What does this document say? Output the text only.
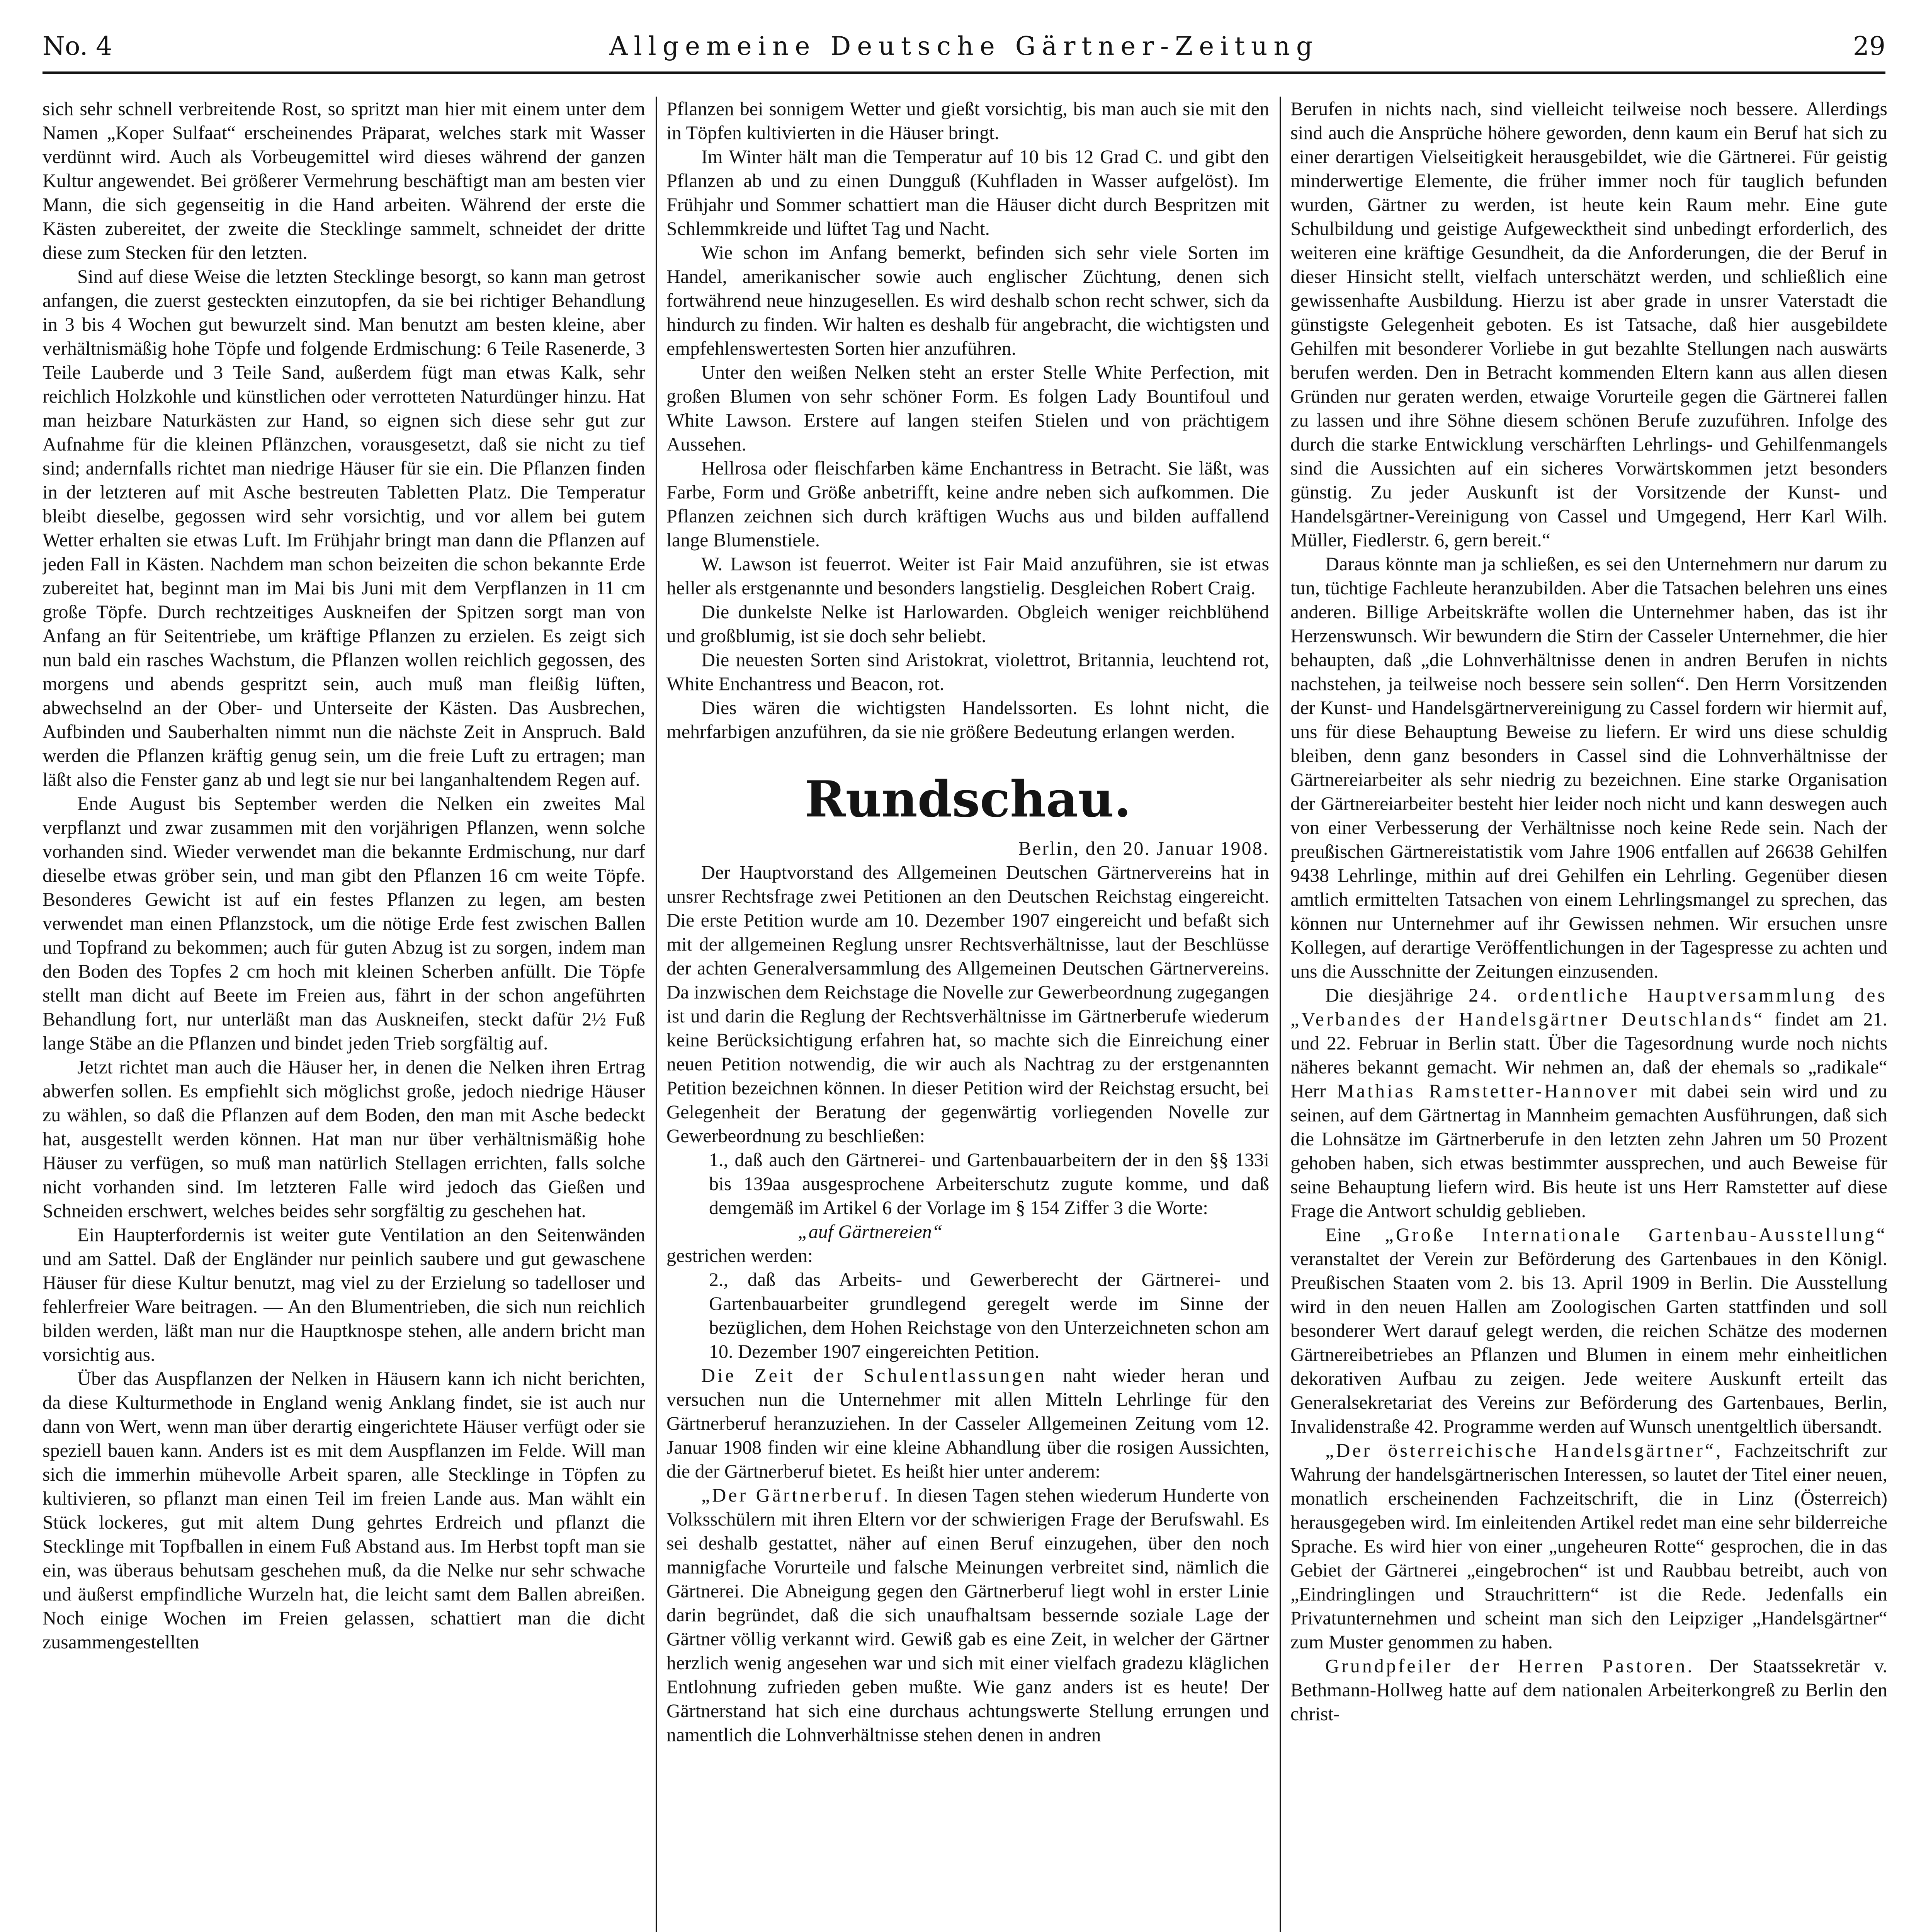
No. 4	Allgemeine Deutsche Gärtner-Zeitung	29

sich sehr schnell verbreitende Rost, so spritzt man hier mit einem unter dem Namen „Koper Sulfaat“ erscheinendes Präparat, welches stark mit Wasser verdünnt wird. Auch als Vorbeugemittel wird dieses während der ganzen Kultur angewendet. Bei größerer Vermehrung beschäftigt man am besten vier Mann, die sich gegenseitig in die Hand arbeiten. Während der erste die Kästen zubereitet, der zweite die Stecklinge sammelt, schneidet der dritte diese zum Stecken für den letzten.

Sind auf diese Weise die letzten Stecklinge besorgt, so kann man getrost anfangen, die zuerst gesteckten einzutopfen, da sie bei richtiger Behandlung in 3 bis 4 Wochen gut bewurzelt sind. Man benutzt am besten kleine, aber verhältnismäßig hohe Töpfe und folgende Erdmischung: 6 Teile Rasenerde, 3 Teile Lauberde und 3 Teile Sand, außerdem fügt man etwas Kalk, sehr reichlich Holzkohle und künstlichen oder verrotteten Naturdünger hinzu. Hat man heizbare Naturkästen zur Hand, so eignen sich diese sehr gut zur Aufnahme für die kleinen Pflänzchen, vorausgesetzt, daß sie nicht zu tief sind; andernfalls richtet man niedrige Häuser für sie ein. Die Pflanzen finden in der letzteren auf mit Asche bestreuten Tabletten Platz. Die Temperatur bleibt dieselbe, gegossen wird sehr vorsichtig, und vor allem bei gutem Wetter erhalten sie etwas Luft. Im Frühjahr bringt man dann die Pflanzen auf jeden Fall in Kästen. Nachdem man schon beizeiten die schon bekannte Erde zubereitet hat, beginnt man im Mai bis Juni mit dem Verpflanzen in 11 cm große Töpfe. Durch rechtzeitiges Auskneifen der Spitzen sorgt man von Anfang an für Seitentriebe, um kräftige Pflanzen zu erzielen. Es zeigt sich nun bald ein rasches Wachstum, die Pflanzen wollen reichlich gegossen, des morgens und abends gespritzt sein, auch muß man fleißig lüften, abwechselnd an der Ober- und Unterseite der Kästen. Das Ausbrechen, Aufbinden und Sauberhalten nimmt nun die nächste Zeit in Anspruch. Bald werden die Pflanzen kräftig genug sein, um die freie Luft zu ertragen; man läßt also die Fenster ganz ab und legt sie nur bei langanhaltendem Regen auf.

Ende August bis September werden die Nelken ein zweites Mal verpflanzt und zwar zusammen mit den vorjährigen Pflanzen, wenn solche vorhanden sind. Wieder verwendet man die bekannte Erdmischung, nur darf dieselbe etwas gröber sein, und man gibt den Pflanzen 16 cm weite Töpfe. Besonderes Gewicht ist auf ein festes Pflanzen zu legen, am besten verwendet man einen Pflanzstock, um die nötige Erde fest zwischen Ballen und Topfrand zu bekommen; auch für guten Abzug ist zu sorgen, indem man den Boden des Topfes 2 cm hoch mit kleinen Scherben anfüllt. Die Töpfe stellt man dicht auf Beete im Freien aus, fährt in der schon angeführten Behandlung fort, nur unterläßt man das Auskneifen, steckt dafür 2½ Fuß lange Stäbe an die Pflanzen und bindet jeden Trieb sorgfältig auf.

Jetzt richtet man auch die Häuser her, in denen die Nelken ihren Ertrag abwerfen sollen. Es empfiehlt sich möglichst große, jedoch niedrige Häuser zu wählen, so daß die Pflanzen auf dem Boden, den man mit Asche bedeckt hat, ausgestellt werden können. Hat man nur über verhältnismäßig hohe Häuser zu verfügen, so muß man natürlich Stellagen errichten, falls solche nicht vorhanden sind. Im letzteren Falle wird jedoch das Gießen und Schneiden erschwert, welches beides sehr sorgfältig zu geschehen hat.

Ein Haupterfordernis ist weiter gute Ventilation an den Seitenwänden und am Sattel. Daß der Engländer nur peinlich saubere und gut gewaschene Häuser für diese Kultur benutzt, mag viel zu der Erzielung so tadelloser und fehlerfreier Ware beitragen. — An den Blumentrieben, die sich nun reichlich bilden werden, läßt man nur die Hauptknospe stehen, alle andern bricht man vorsichtig aus.

Über das Auspflanzen der Nelken in Häusern kann ich nicht berichten, da diese Kulturmethode in England wenig Anklang findet, sie ist auch nur dann von Wert, wenn man über derartig eingerichtete Häuser verfügt oder sie speziell bauen kann. Anders ist es mit dem Auspflanzen im Felde. Will man sich die immerhin mühevolle Arbeit sparen, alle Stecklinge in Töpfen zu kultivieren, so pflanzt man einen Teil im freien Lande aus. Man wählt ein Stück lockeres, gut mit altem Dung gehrtes Erdreich und pflanzt die Stecklinge mit Topfballen in einem Fuß Abstand aus. Im Herbst topft man sie ein, was überaus behutsam geschehen muß, da die Nelke nur sehr schwache und äußerst empfindliche Wurzeln hat, die leicht samt dem Ballen abreißen. Noch einige Wochen im Freien gelassen, schattiert man die dicht zusammengestellten

Pflanzen bei sonnigem Wetter und gießt vorsichtig, bis man auch sie mit den in Töpfen kultivierten in die Häuser bringt.

Im Winter hält man die Temperatur auf 10 bis 12 Grad C. und gibt den Pflanzen ab und zu einen Dungguß (Kuhfladen in Wasser aufgelöst). Im Frühjahr und Sommer schattiert man die Häuser dicht durch Bespritzen mit Schlemmkreide und lüftet Tag und Nacht.

Wie schon im Anfang bemerkt, befinden sich sehr viele Sorten im Handel, amerikanischer sowie auch englischer Züchtung, denen sich fortwährend neue hinzugesellen. Es wird deshalb schon recht schwer, sich da hindurch zu finden. Wir halten es deshalb für angebracht, die wichtigsten und empfehlenswertesten Sorten hier anzuführen.

Unter den weißen Nelken steht an erster Stelle White Perfection, mit großen Blumen von sehr schöner Form. Es folgen Lady Bountifoul und White Lawson. Erstere auf langen steifen Stielen und von prächtigem Aussehen.

Hellrosa oder fleischfarben käme Enchantress in Betracht. Sie läßt, was Farbe, Form und Größe anbetrifft, keine andre neben sich aufkommen. Die Pflanzen zeichnen sich durch kräftigen Wuchs aus und bilden auffallend lange Blumenstiele.

W. Lawson ist feuerrot. Weiter ist Fair Maid anzuführen, sie ist etwas heller als erstgenannte und besonders langstielig. Desgleichen Robert Craig.

Die dunkelste Nelke ist Harlowarden. Obgleich weniger reichblühend und großblumig, ist sie doch sehr beliebt.

Die neuesten Sorten sind Aristokrat, violettrot, Britannia, leuchtend rot, White Enchantress und Beacon, rot.

Dies wären die wichtigsten Handelssorten. Es lohnt nicht, die mehrfarbigen anzuführen, da sie nie größere Bedeutung erlangen werden.

Rundschau.

Berlin, den 20. Januar 1908.

Der Hauptvorstand des Allgemeinen Deutschen Gärtnervereins hat in unsrer Rechtsfrage zwei Petitionen an den Deutschen Reichstag eingereicht. Die erste Petition wurde am 10. Dezember 1907 eingereicht und befaßt sich mit der allgemeinen Reglung unsrer Rechtsverhältnisse, laut der Beschlüsse der achten Generalversammlung des Allgemeinen Deutschen Gärtnervereins. Da inzwischen dem Reichstage die Novelle zur Gewerbeordnung zugegangen ist und darin die Reglung der Rechtsverhältnisse im Gärtnerberufe wiederum keine Berücksichtigung erfahren hat, so machte sich die Einreichung einer neuen Petition notwendig, die wir auch als Nachtrag zu der erstgenannten Petition bezeichnen können. In dieser Petition wird der Reichstag ersucht, bei Gelegenheit der Beratung der gegenwärtig vorliegenden Novelle zur Gewerbeordnung zu beschließen:

1., daß auch den Gärtnerei- und Gartenbauarbeitern der in den §§ 133i bis 139aa ausgesprochene Arbeiterschutz zugute komme, und daß demgemäß im Artikel 6 der Vorlage im § 154 Ziffer 3 die Worte:

„auf Gärtnereien“

gestrichen werden:

2., daß das Arbeits- und Gewerberecht der Gärtnerei- und Gartenbauarbeiter grundlegend geregelt werde im Sinne der bezüglichen, dem Hohen Reichstage von den Unterzeichneten schon am 10. Dezember 1907 eingereichten Petition.

Die Zeit der Schulentlassungen naht wieder heran und versuchen nun die Unternehmer mit allen Mitteln Lehrlinge für den Gärtnerberuf heranzuziehen. In der Casseler Allgemeinen Zeitung vom 12. Januar 1908 finden wir eine kleine Abhandlung über die rosigen Aussichten, die der Gärtnerberuf bietet. Es heißt hier unter anderem:

„Der Gärtnerberuf. In diesen Tagen stehen wiederum Hunderte von Volksschülern mit ihren Eltern vor der schwierigen Frage der Berufswahl. Es sei deshalb gestattet, näher auf einen Beruf einzugehen, über den noch mannigfache Vorurteile und falsche Meinungen verbreitet sind, nämlich die Gärtnerei. Die Abneigung gegen den Gärtnerberuf liegt wohl in erster Linie darin begründet, daß die sich unaufhaltsam bessernde soziale Lage der Gärtner völlig verkannt wird. Gewiß gab es eine Zeit, in welcher der Gärtner herzlich wenig angesehen war und sich mit einer vielfach gradezu kläglichen Entlohnung zufrieden geben mußte. Wie ganz anders ist es heute! Der Gärtnerstand hat sich eine durchaus achtungswerte Stellung errungen und namentlich die Lohnverhältnisse stehen denen in andren

Berufen in nichts nach, sind vielleicht teilweise noch bessere. Allerdings sind auch die Ansprüche höhere geworden, denn kaum ein Beruf hat sich zu einer derartigen Vielseitigkeit herausgebildet, wie die Gärtnerei. Für geistig minderwertige Elemente, die früher immer noch für tauglich befunden wurden, Gärtner zu werden, ist heute kein Raum mehr. Eine gute Schulbildung und geistige Aufgewecktheit sind unbedingt erforderlich, des weiteren eine kräftige Gesundheit, da die Anforderungen, die der Beruf in dieser Hinsicht stellt, vielfach unterschätzt werden, und schließlich eine gewissenhafte Ausbildung. Hierzu ist aber grade in unsrer Vaterstadt die günstigste Gelegenheit geboten. Es ist Tatsache, daß hier ausgebildete Gehilfen mit besonderer Vorliebe in gut bezahlte Stellungen nach auswärts berufen werden. Den in Betracht kommenden Eltern kann aus allen diesen Gründen nur geraten werden, etwaige Vorurteile gegen die Gärtnerei fallen zu lassen und ihre Söhne diesem schönen Berufe zuzuführen. Infolge des durch die starke Entwicklung verschärften Lehrlings- und Gehilfenmangels sind die Aussichten auf ein sicheres Vorwärtskommen jetzt besonders günstig. Zu jeder Auskunft ist der Vorsitzende der Kunst- und Handelsgärtner-Vereinigung von Cassel und Umgegend, Herr Karl Wilh. Müller, Fiedlerstr. 6, gern bereit.“

Daraus könnte man ja schließen, es sei den Unternehmern nur darum zu tun, tüchtige Fachleute heranzubilden. Aber die Tatsachen belehren uns eines anderen. Billige Arbeitskräfte wollen die Unternehmer haben, das ist ihr Herzenswunsch. Wir bewundern die Stirn der Casseler Unternehmer, die hier behaupten, daß „die Lohnverhältnisse denen in andren Berufen in nichts nachstehen, ja teilweise noch bessere sein sollen“. Den Herrn Vorsitzenden der Kunst- und Handelsgärtnervereinigung zu Cassel fordern wir hiermit auf, uns für diese Behauptung Beweise zu liefern. Er wird uns diese schuldig bleiben, denn ganz besonders in Cassel sind die Lohnverhältnisse der Gärtnereiarbeiter als sehr niedrig zu bezeichnen. Eine starke Organisation der Gärtnereiarbeiter besteht hier leider noch nicht und kann deswegen auch von einer Verbesserung der Verhältnisse noch keine Rede sein. Nach der preußischen Gärtnereistatistik vom Jahre 1906 entfallen auf 26638 Gehilfen 9438 Lehrlinge, mithin auf drei Gehilfen ein Lehrling. Gegenüber diesen amtlich ermittelten Tatsachen von einem Lehrlingsmangel zu sprechen, das können nur Unternehmer auf ihr Gewissen nehmen. Wir ersuchen unsre Kollegen, auf derartige Veröffentlichungen in der Tagespresse zu achten und uns die Ausschnitte der Zeitungen einzusenden.

Die diesjährige 24. ordentliche Hauptversammlung des „Verbandes der Handelsgärtner Deutschlands“ findet am 21. und 22. Februar in Berlin statt. Über die Tagesordnung wurde noch nichts näheres bekannt gemacht. Wir nehmen an, daß der ehemals so „radikale“ Herr Mathias Ramstetter-Hannover mit dabei sein wird und zu seinen, auf dem Gärtnertag in Mannheim gemachten Ausführungen, daß sich die Lohnsätze im Gärtnerberufe in den letzten zehn Jahren um 50 Prozent gehoben haben, sich etwas bestimmter aussprechen, und auch Beweise für seine Behauptung liefern wird. Bis heute ist uns Herr Ramstetter auf diese Frage die Antwort schuldig geblieben.

Eine „Große Internationale Gartenbau-Ausstellung“ veranstaltet der Verein zur Beförderung des Gartenbaues in den Königl. Preußischen Staaten vom 2. bis 13. April 1909 in Berlin. Die Ausstellung wird in den neuen Hallen am Zoologischen Garten stattfinden und soll besonderer Wert darauf gelegt werden, die reichen Schätze des modernen Gärtnereibetriebes an Pflanzen und Blumen in einem mehr einheitlichen dekorativen Aufbau zu zeigen. Jede weitere Auskunft erteilt das Generalsekretariat des Vereins zur Beförderung des Gartenbaues, Berlin, Invalidenstraße 42. Programme werden auf Wunsch unentgeltlich übersandt.

„Der österreichische Handelsgärtner“, Fachzeitschrift zur Wahrung der handelsgärtnerischen Interessen, so lautet der Titel einer neuen, monatlich erscheinenden Fachzeitschrift, die in Linz (Österreich) herausgegeben wird. Im einleitenden Artikel redet man eine sehr bilderreiche Sprache. Es wird hier von einer „ungeheuren Rotte“ gesprochen, die in das Gebiet der Gärtnerei „eingebrochen“ ist und Raubbau betreibt, auch von „Eindringlingen und Strauchrittern“ ist die Rede. Jedenfalls ein Privatunternehmen und scheint man sich den Leipziger „Handelsgärtner“ zum Muster genommen zu haben.

Grundpfeiler der Herren Pastoren. Der Staatssekretär v. Bethmann-Hollweg hatte auf dem nationalen Arbeiterkongreß zu Berlin den christ-
